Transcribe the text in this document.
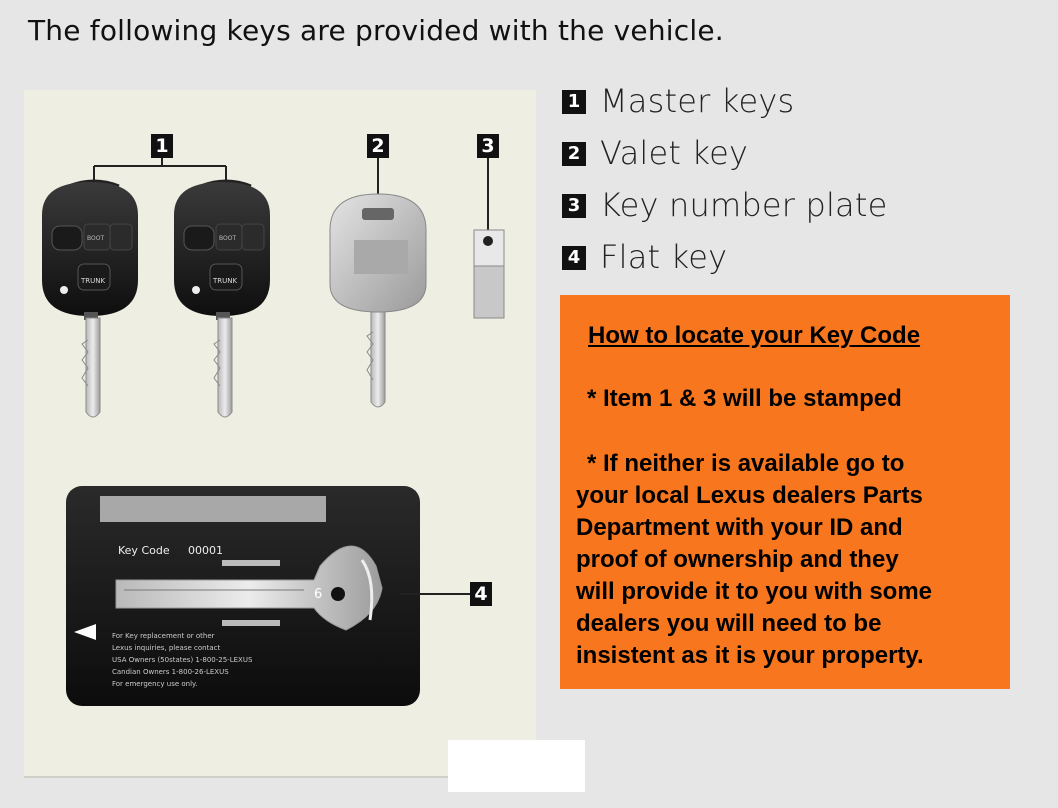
The following keys are provided with the vehicle.
TRUNK	TRUNK
BOOT	BOOT
Key Code 00001
6
For Key replacement or other
Lexus inquiries, please contact
USA Owners (50states) 1-800-25-LEXUS
Candian Owners 1-800-26-LEXUS
For emergency use only.
1	2	3
4
1 Master keys
2 Valet key
3 Key number plate
4 Flat key
How to locate your Key Code
* Item 1 & 3 will be stamped
* If neither is available go to
your local Lexus dealers Parts
Department with your ID and
proof of ownership and they
will provide it to you with some
dealers you will need to be
insistent as it is your property.
